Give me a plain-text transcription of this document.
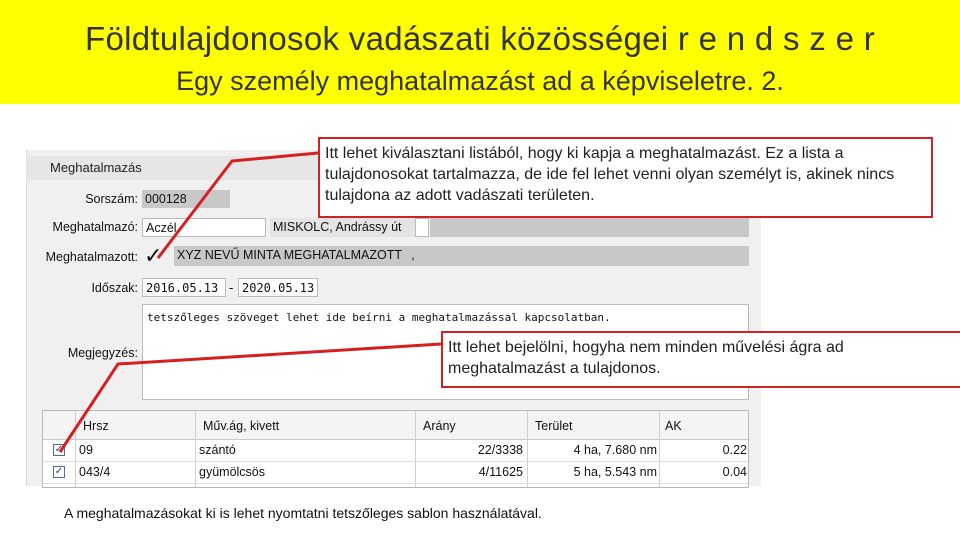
Földtulajdonosok vadászati közösségei r e n d s z e r
Egy személy meghatalmazást ad a képviseletre. 2.
Meghatalmazás
Sorszám: 000128
Meghatalmazó: Aczél	MISKOLC, Andrássy út
Meghatalmazott: ✓ XYZ NEVŰ MINTA MEGHATALMAZOTT ,
Időszak: 2016.05.13 - 2020.05.13
Megjegyzés:
tetszőleges szöveget lehet ide beírni a meghatalmazással kapcsolatban.
Hrsz	Műv.ág, kivett	Arány	Terület	AK
✓ 09	szántó	22/3338	4 ha, 7.680 nm	0.22
✓ 043/4	gyümölcsös	4/11625	5 ha, 5.543 nm	0.04
Itt lehet kiválasztani listából, hogy ki kapja a meghatalmazást. Ez a lista a tulajdonosokat tartalmazza, de ide fel lehet venni olyan személyt is, akinek nincs tulajdona az adott vadászati területen.
Itt lehet bejelölni, hogyha nem minden művelési ágra ad meghatalmazást a tulajdonos.
A meghatalmazásokat ki is lehet nyomtatni tetszőleges sablon használatával.
